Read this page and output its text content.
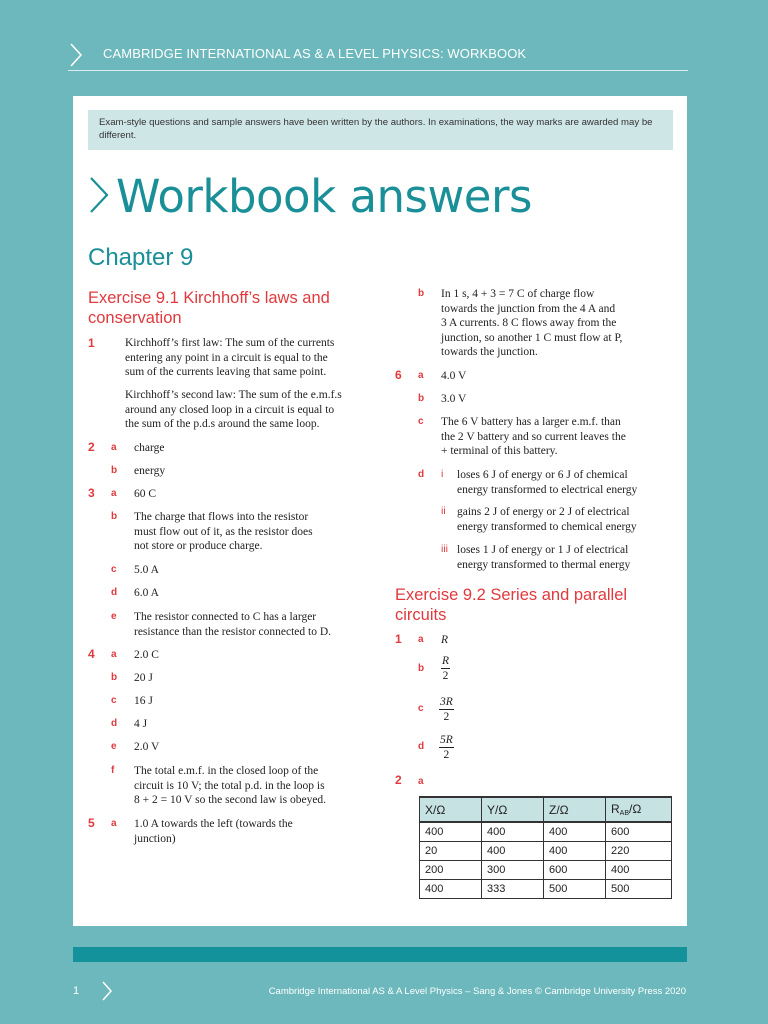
CAMBRIDGE INTERNATIONAL AS & A LEVEL PHYSICS: WORKBOOK
Exam-style questions and sample answers have been written by the authors. In examinations, the way marks are awarded may be different.
Workbook answers
Chapter 9
Exercise 9.1 Kirchhoff’s laws and
conservation
1	Kirchhoff’s first law: The sum of the currents
entering any point in a circuit is equal to the
sum of the currents leaving that same point.
Kirchhoff’s second law: The sum of the e.m.f.s
around any closed loop in a circuit is equal to
the sum of the p.d.s around the same loop.
2 a charge
b energy
3 a 60 C
b The charge that flows into the resistor
must flow out of it, as the resistor does
not store or produce charge.
c 5.0 A
d 6.0 A
e The resistor connected to C has a larger
resistance than the resistor connected to D.
4 a 2.0 C
b 20 J
c 16 J
d 4 J
e 2.0 V
f The total e.m.f. in the closed loop of the
circuit is 10 V; the total p.d. in the loop is
8 + 2 = 10 V so the second law is obeyed.
5 a 1.0 A towards the left (towards the
junction)
b In 1 s, 4 + 3 = 7 C of charge flow
towards the junction from the 4 A and
3 A currents. 8 C flows away from the
junction, so another 1 C must flow at P,
towards the junction.
6 a 4.0 V
b 3.0 V
c The 6 V battery has a larger e.m.f. than
the 2 V battery and so current leaves the
+ terminal of this battery.
d i loses 6 J of energy or 6 J of chemical
energy transformed to electrical energy
ii gains 2 J of energy or 2 J of electrical
energy transformed to chemical energy
iii loses 1 J of energy or 1 J of electrical
energy transformed to thermal energy
Exercise 9.2 Series and parallel
circuits
1 a R
b $\frac{R}{2}$
c $\frac{3R}{2}$
d $\frac{5R}{2}$
2 a
X/Ω	Y/Ω	Z/Ω	RAB/Ω
400	400	400	600
20	400	400	220
200	300	600	400
400	333	500	500
1	Cambridge International AS & A Level Physics – Sang & Jones © Cambridge University Press 2020
